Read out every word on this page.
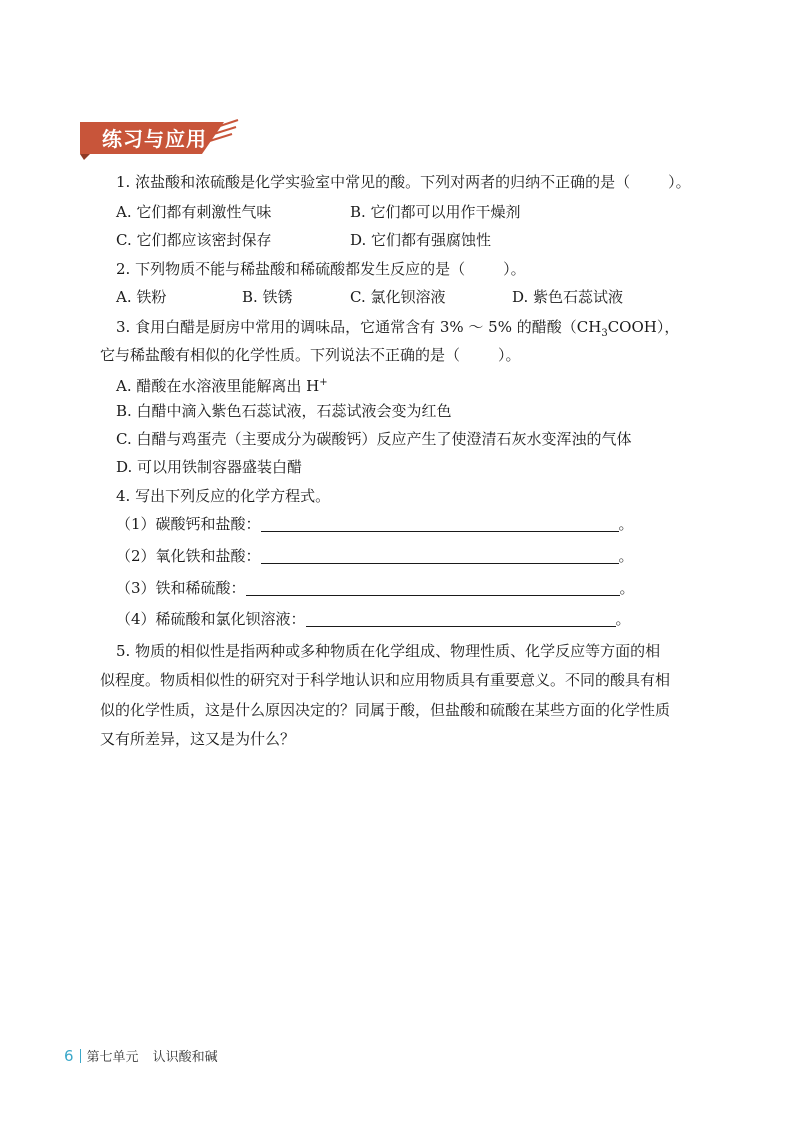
练习与应用
1. 浓盐酸和浓硫酸是化学实验室中常见的酸。下列对两者的归纳不正确的是（	）。
A. 它们都有刺激性气味	B. 它们都可以用作干燥剂
C. 它们都应该密封保存	D. 它们都有强腐蚀性
2. 下列物质不能与稀盐酸和稀硫酸都发生反应的是（	）。
A. 铁粉	B. 铁锈	C. 氯化钡溶液	D. 紫色石蕊试液
3. 食用白醋是厨房中常用的调味品，它通常含有 3% ～ 5% 的醋酸$(CH_3COOH)$，
它与稀盐酸有相似的化学性质。下列说法不正确的是（	）。
A. 醋酸在水溶液里能解离出 H+
B. 白醋中滴入紫色石蕊试液，石蕊试液会变为红色
C. 白醋与鸡蛋壳（主要成分为碳酸钙）反应产生了使澄清石灰水变浑浊的气体
D. 可以用铁制容器盛装白醋
4. 写出下列反应的化学方程式。
（1）碳酸钙和盐酸：	。
（2）氧化铁和盐酸：	。
（3）铁和稀硫酸：	。
（4）稀硫酸和氯化钡溶液：	。
5. 物质的相似性是指两种或多种物质在化学组成、物理性质、化学反应等方面的相
似程度。物质相似性的研究对于科学地认识和应用物质具有重要意义。不同的酸具有相
似的化学性质，这是什么原因决定的？同属于酸，但盐酸和硫酸在某些方面的化学性质
又有所差异，这又是为什么？
6 第七单元 认识酸和碱
